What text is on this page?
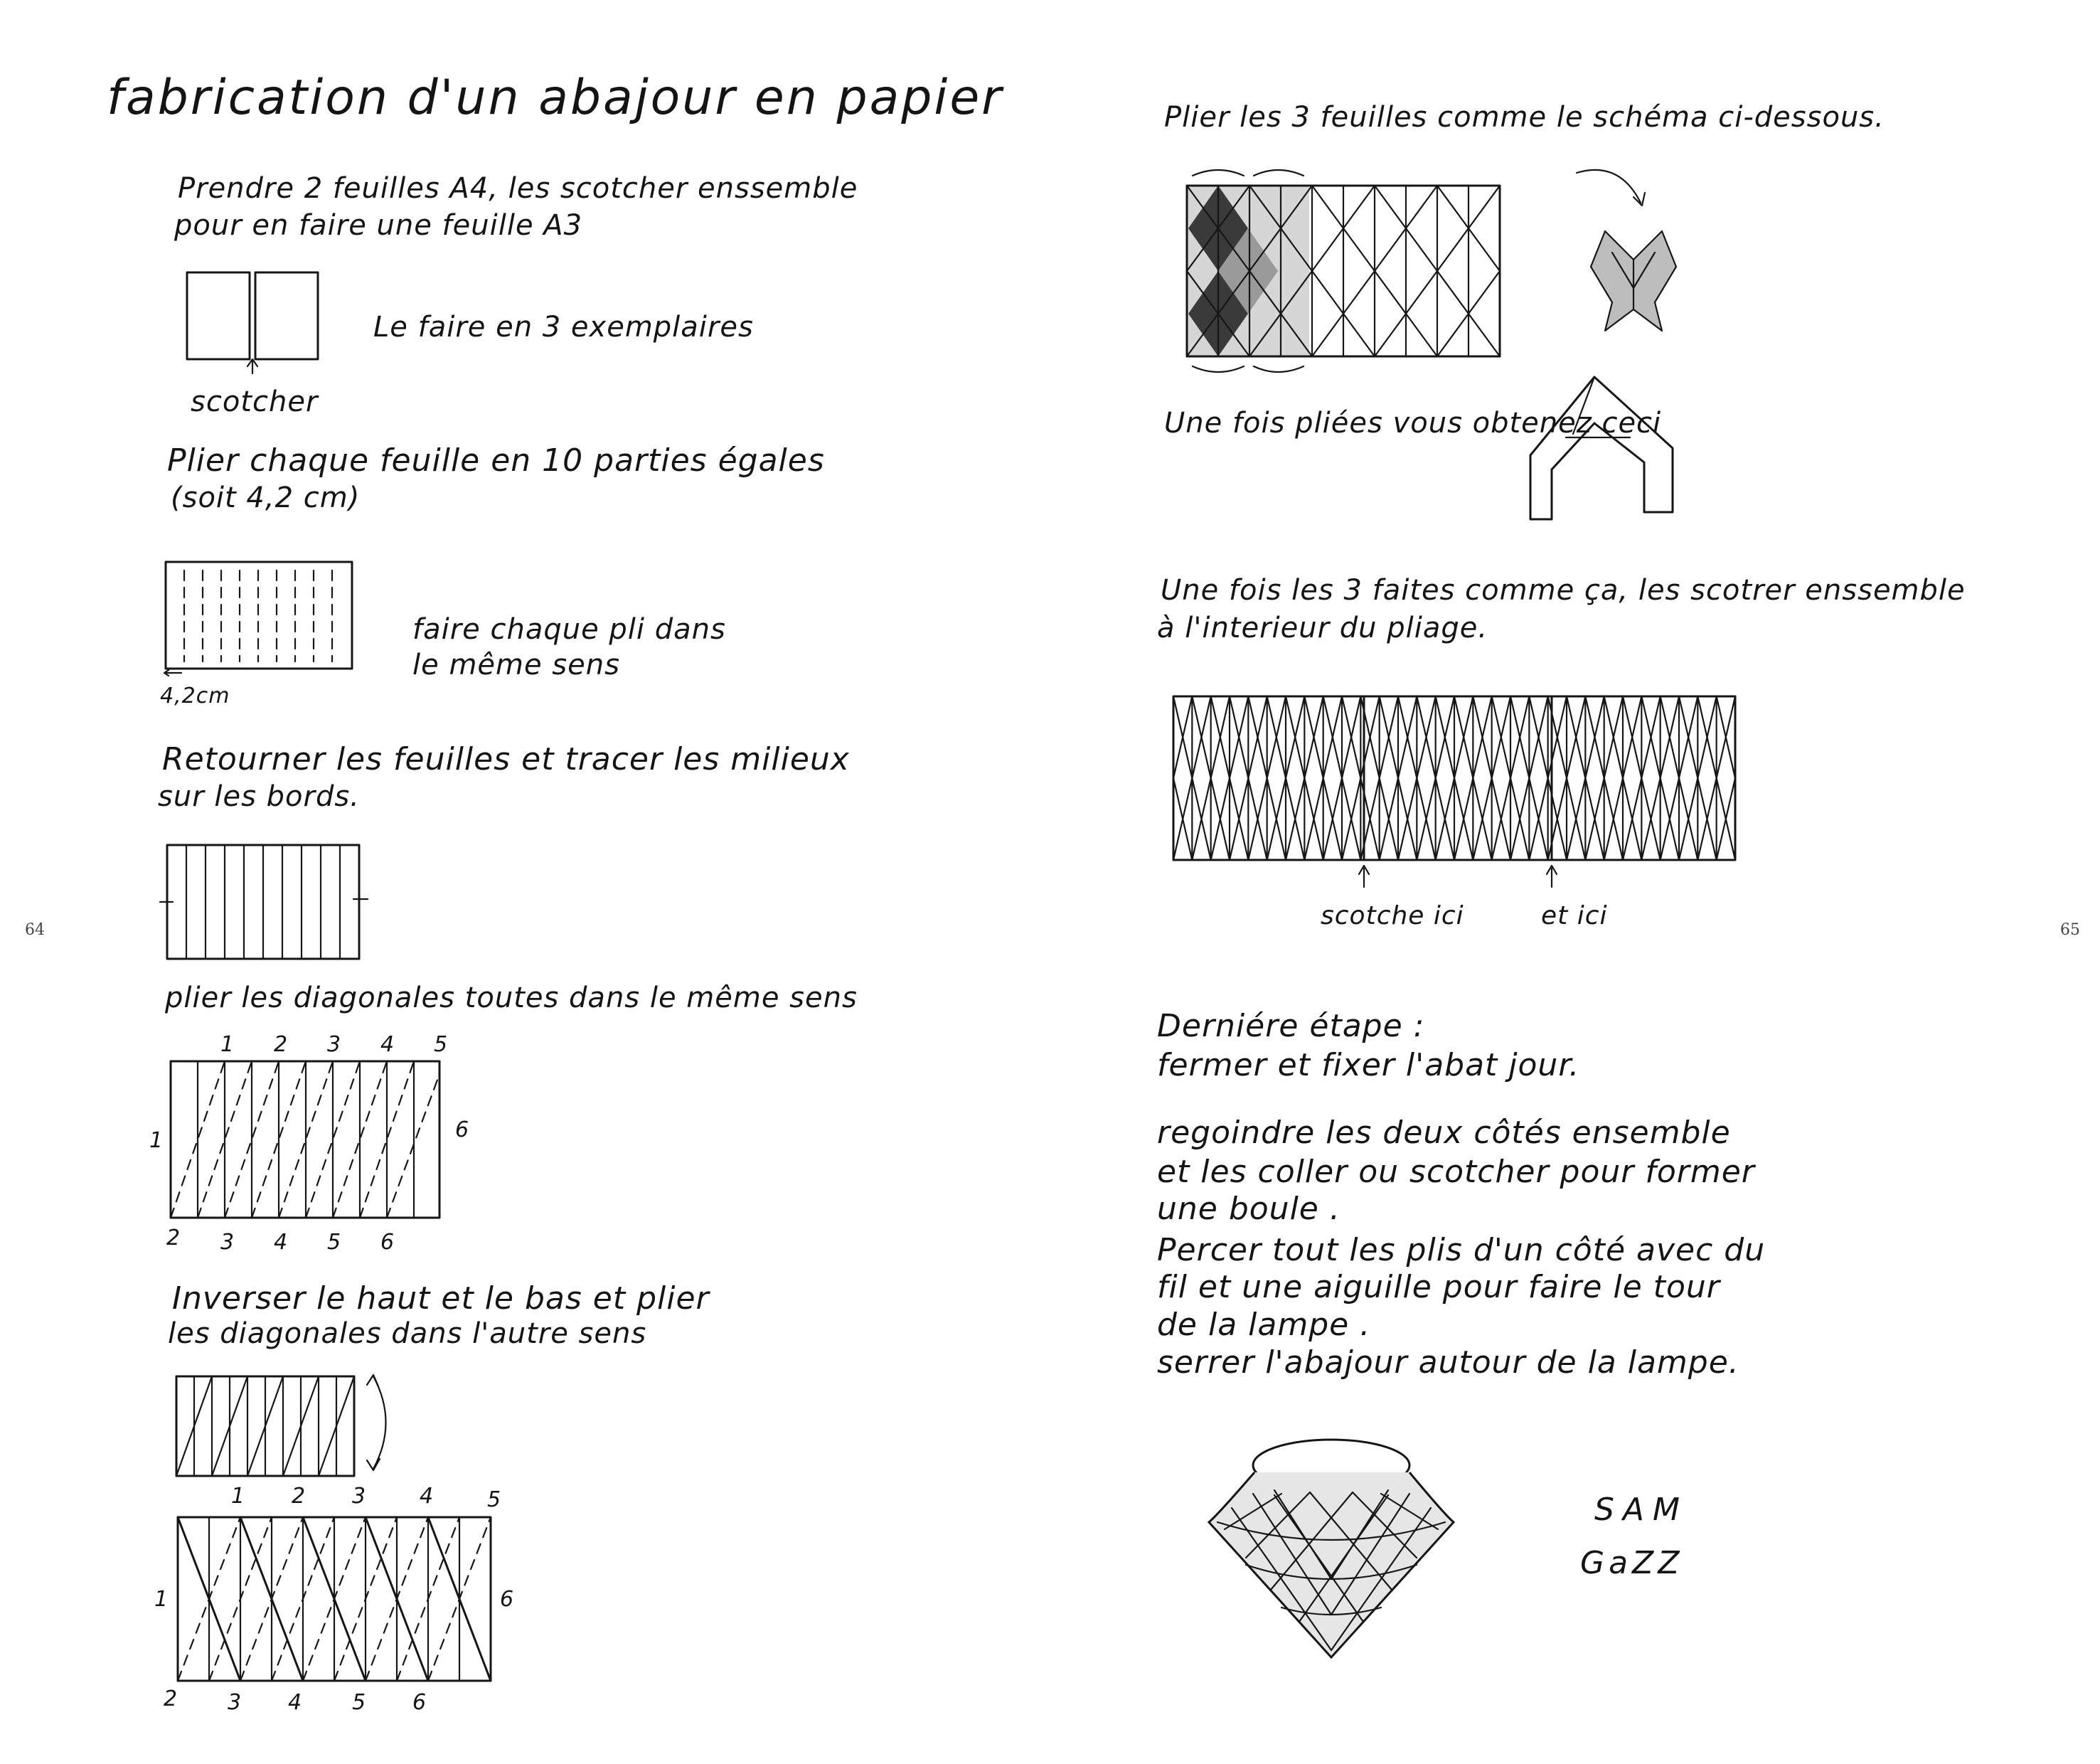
fabrication d'un abajour en papier
Prendre 2 feuilles A4, les scotcher enssemble
pour en faire une feuille A3
scotcher
Le faire en 3 exemplaires
Plier chaque feuille en 10 parties égales
(soit 4,2 cm)
4,2cm
faire chaque pli dans
le même sens
Retourner les feuilles et tracer les milieux
sur les bords.
plier les diagonales toutes dans le même sens
1 2 3 4 5
1	6
2 3 4 5 6
Inverser le haut et le bas et plier
les diagonales dans l'autre sens
1 2 3 4 5
1	6
2 3 4 5 6
64
Plier les 3 feuilles comme le schéma ci-dessous.
Une fois pliées vous obtenez ceci
Une fois les 3 faites comme ça, les scotrer enssemble
à l'interieur du pliage.
scotche ici	et ici
Derniére étape :
fermer et fixer l'abat jour.
regoindre les deux côtés ensemble
et les coller ou scotcher pour former
une boule .
Percer tout les plis d'un côté avec du
fil et une aiguille pour faire le tour
de la lampe .
serrer l'abajour autour de la lampe.
SAM
GaZZ
65
